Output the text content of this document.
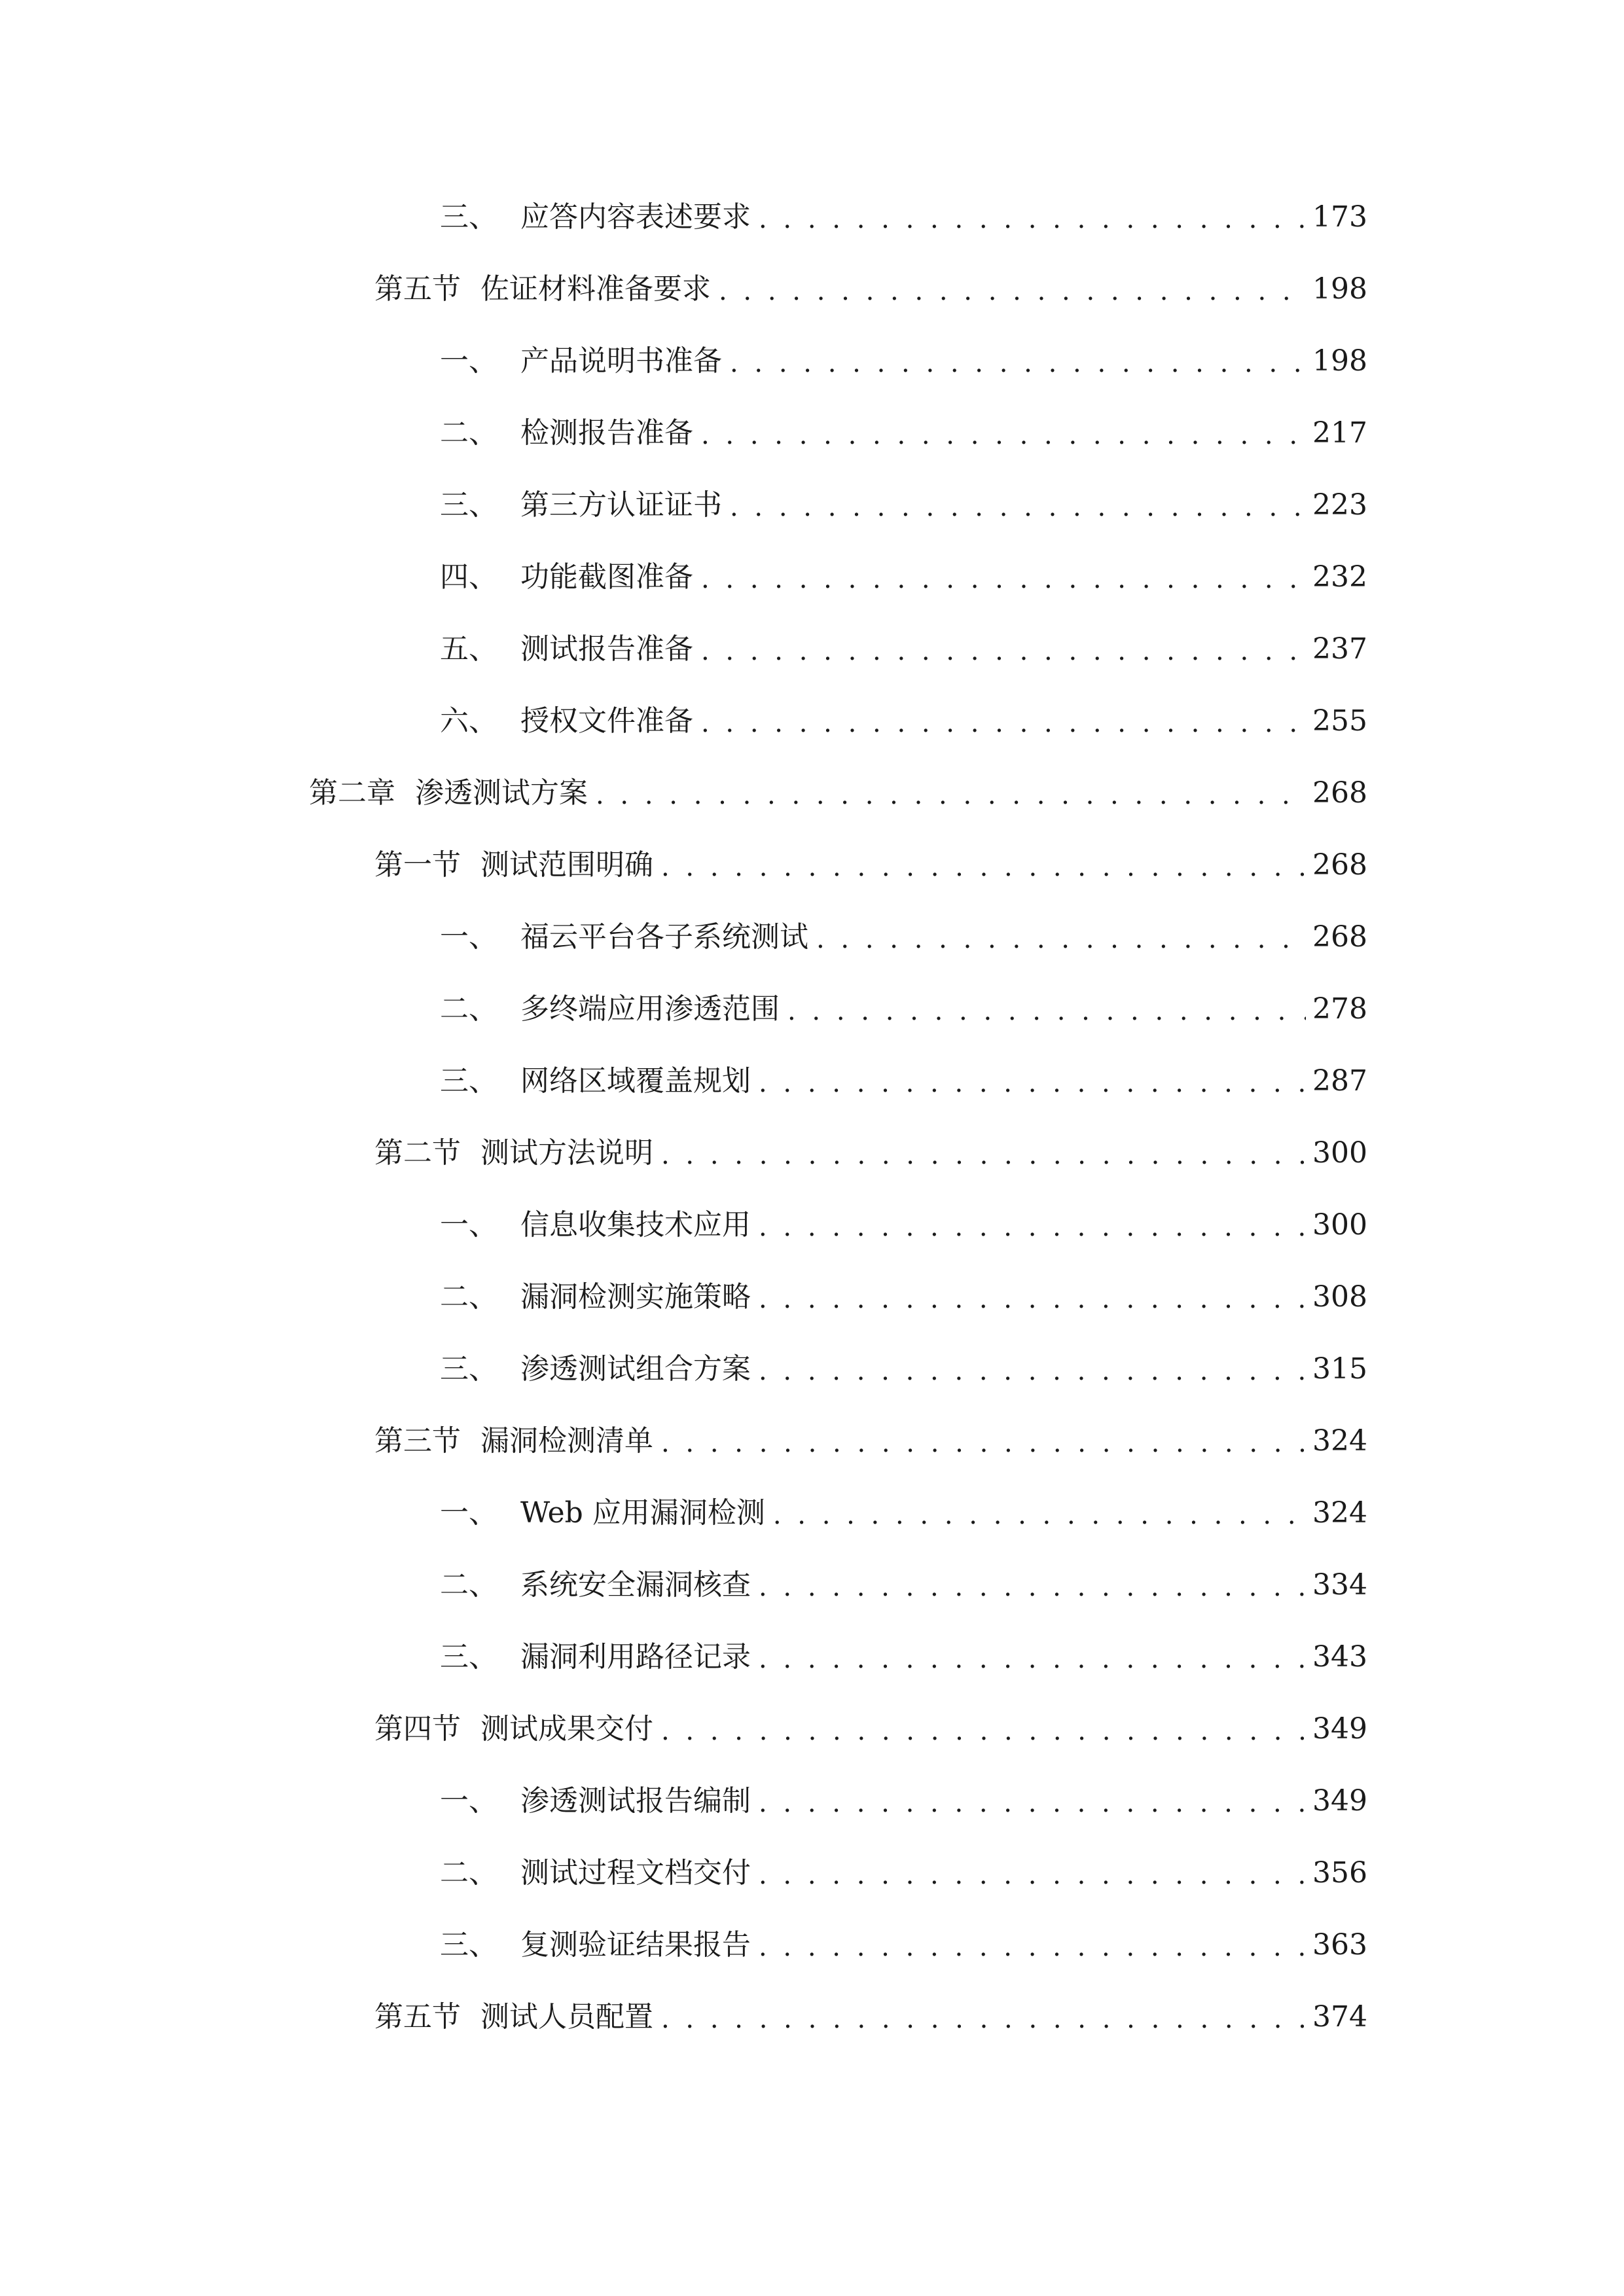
三、 应答内容表述要求 . . .	173
第五节 佐证材料准备要求 . . .	198
一、 产品说明书准备 . . .	198
二、 检测报告准备 . . .	217
三、 第三方认证证书 . . .	223
四、 功能截图准备 . . .	232
五、 测试报告准备 . . .	237
六、 授权文件准备 . . .	255
第二章 渗透测试方案 . . .	268
第一节 测试范围明确 . . .	268
一、 福云平台各子系统测试 . . .	268
二、 多终端应用渗透范围 . . .	278
三、 网络区域覆盖规划 . . .	287
第二节 测试方法说明 . . .	300
一、 信息收集技术应用 . . .	300
二、 漏洞检测实施策略 . . .	308
三、 渗透测试组合方案 . . .	315
第三节 漏洞检测清单 . . .	324
一、 Web 应用漏洞检测 . . .	324
二、 系统安全漏洞核查 . . .	334
三、 漏洞利用路径记录 . . .	343
第四节 测试成果交付 . . .	349
一、 渗透测试报告编制 . . .	349
二、 测试过程文档交付 . . .	356
三、 复测验证结果报告 . . .	363
第五节 测试人员配置 . . .	374
